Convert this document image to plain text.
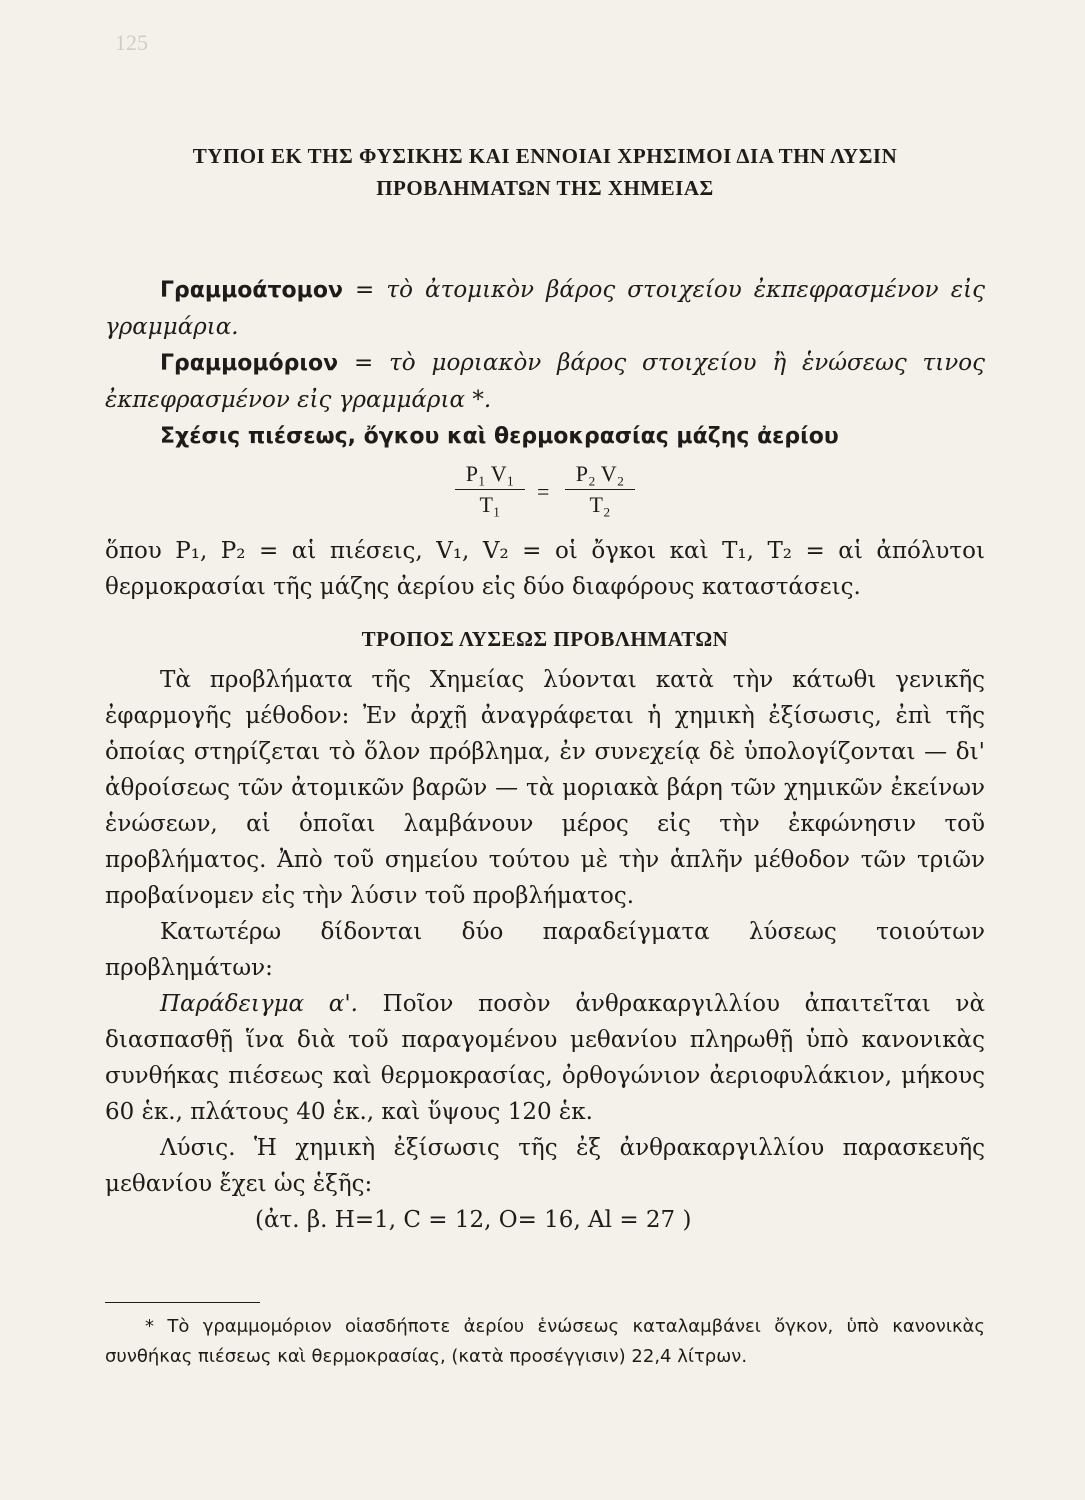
125
ΤΥΠΟΙ ΕΚ ΤΗΣ ΦΥΣΙΚΗΣ ΚΑΙ ΕΝΝΟΙΑΙ ΧΡΗΣΙΜΟΙ ΔΙΑ ΤΗΝ ΛΥΣΙΝ
ΠΡΟΒΛΗΜΑΤΩΝ ΤΗΣ ΧΗΜΕΙΑΣ

Γραμμοάτομον = τὸ ἀτομικὸν βάρος στοιχείου ἐκπεφρασμένον εἰς γραμμάρια.

Γραμμομόριον = τὸ μοριακὸν βάρος στοιχείου ἢ ἑνώσεως τινος ἐκπεφρασμένον εἰς γραμμάρια *.

Σχέσις πιέσεως, ὄγκου καὶ θερμοκρασίας μάζης ἀερίου

$\frac{\text{P₁ V₁}}{\text{T₁}} = \frac{\text{P₂ V₂}}{\text{T₂}}$

ὅπου P₁, P₂ = αἱ πιέσεις, V₁, V₂ = οἱ ὄγκοι καὶ T₁, T₂ = αἱ ἀπόλυτοι θερμοκρασίαι τῆς μάζης ἀερίου εἰς δύο διαφόρους καταστάσεις.

ΤΡΟΠΟΣ ΛΥΣΕΩΣ ΠΡΟΒΛΗΜΑΤΩΝ

Τὰ προβλήματα τῆς Χημείας λύονται κατὰ τὴν κάτωθι γενικῆς ἐφαρμογῆς μέθοδον: Ἐν ἀρχῇ ἀναγράφεται ἡ χημικὴ ἐξίσωσις, ἐπὶ τῆς ὁποίας στηρίζεται τὸ ὅλον πρόβλημα, ἐν συνεχείᾳ δὲ ὑπολογίζονται — δι' ἀθροίσεως τῶν ἀτομικῶν βαρῶν — τὰ μοριακὰ βάρη τῶν χημικῶν ἐκείνων ἑνώσεων, αἱ ὁποῖαι λαμβάνουν μέρος εἰς τὴν ἐκφώνησιν τοῦ προβλήματος. Ἀπὸ τοῦ σημείου τούτου μὲ τὴν ἁπλῆν μέθοδον τῶν τριῶν προβαίνομεν εἰς τὴν λύσιν τοῦ προβλήματος.

Κατωτέρω δίδονται δύο παραδείγματα λύσεως τοιούτων προβλημάτων:

Παράδειγμα α'. Ποῖον ποσὸν ἀνθρακαργιλλίου ἀπαιτεῖται νὰ διασπασθῇ ἵνα διὰ τοῦ παραγομένου μεθανίου πληρωθῇ ὑπὸ κανονικὰς συνθήκας πιέσεως καὶ θερμοκρασίας, ὀρθογώνιον ἀεριοφυλάκιον, μήκους 60 ἑκ., πλάτους 40 ἑκ., καὶ ὕψους 120 ἑκ.

Λύσις. Ἡ χημικὴ ἐξίσωσις τῆς ἐξ ἀνθρακαργιλλίου παρασκευῆς μεθανίου ἔχει ὡς ἑξῆς:

(ἀτ. β. H=1, C = 12, O= 16, Al = 27 )

* Τὸ γραμμομόριον οἱασδήποτε ἀερίου ἑνώσεως καταλαμβάνει ὄγκον, ὑπὸ κανονικὰς συνθήκας πιέσεως καὶ θερμοκρασίας, (κατὰ προσέγγισιν) 22,4 λίτρων.
